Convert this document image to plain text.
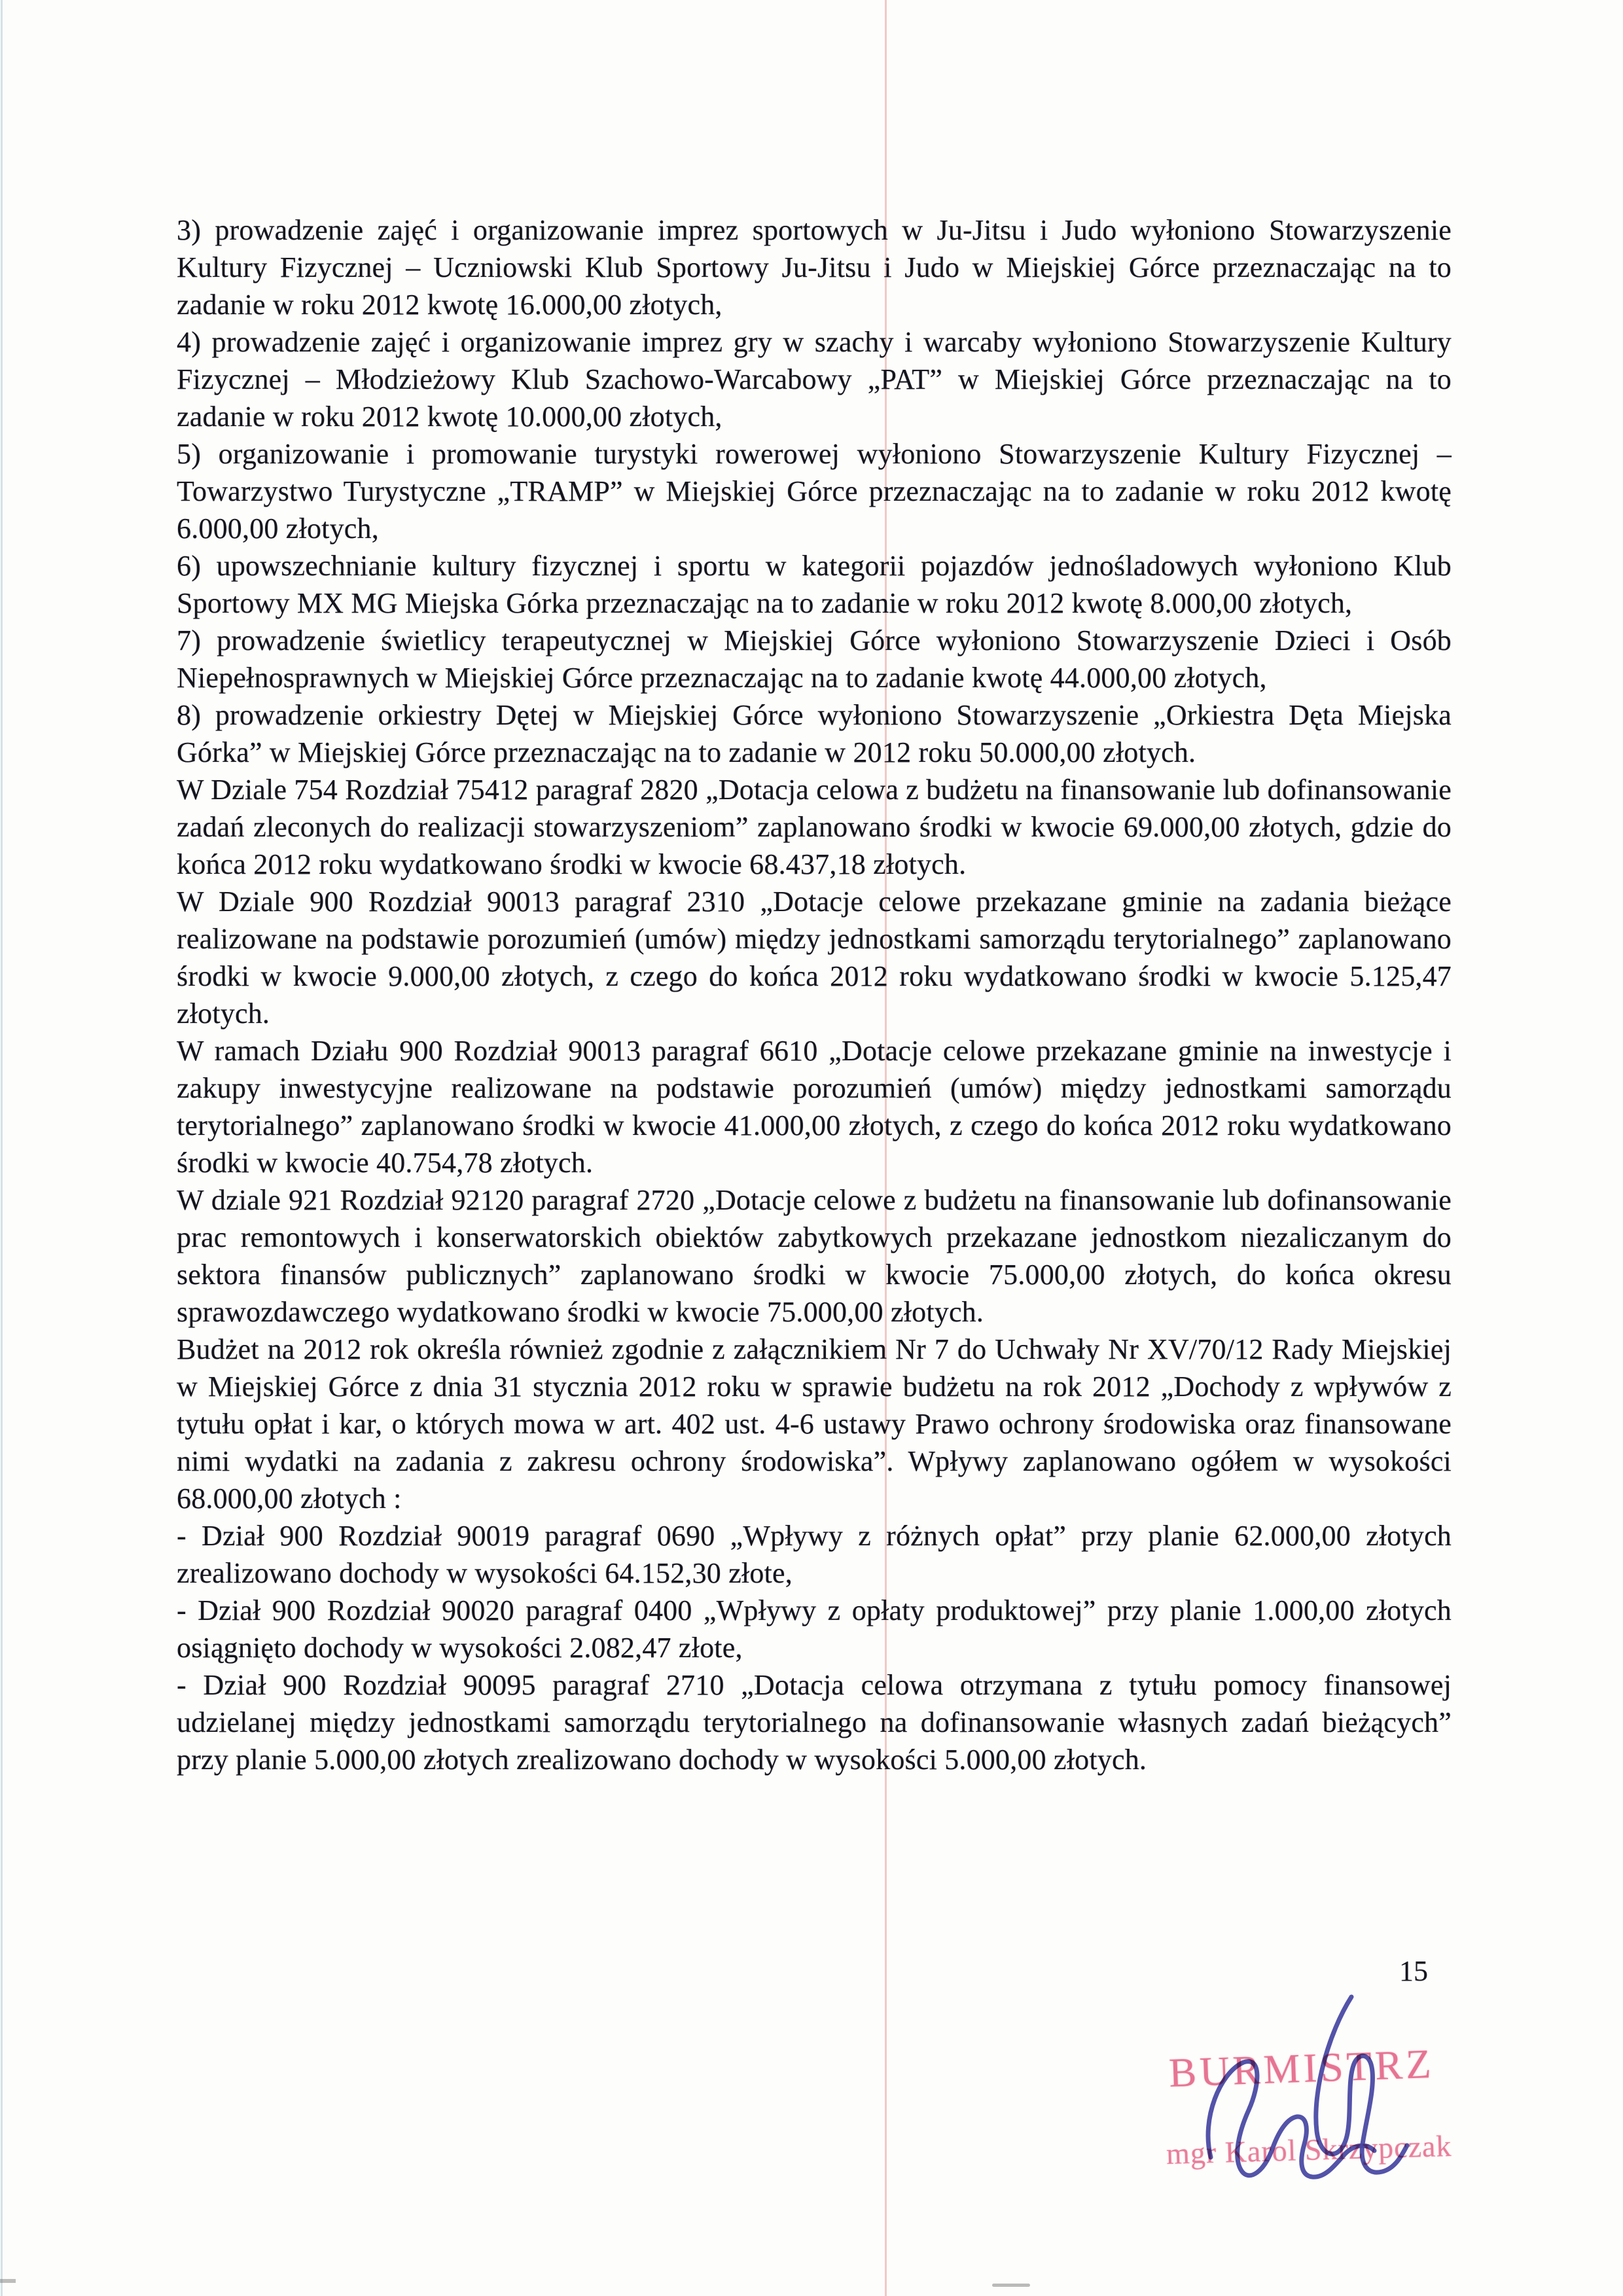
3) prowadzenie zajęć i organizowanie imprez sportowych w Ju-Jitsu i Judo wyłoniono Stowarzyszenie Kultury Fizycznej – Uczniowski Klub Sportowy Ju-Jitsu i Judo w Miejskiej Górce przeznaczając na to zadanie w roku 2012 kwotę 16.000,00 złotych,

4) prowadzenie zajęć i organizowanie imprez gry w szachy i warcaby wyłoniono Stowarzyszenie Kultury Fizycznej – Młodzieżowy Klub Szachowo-Warcabowy „PAT” w Miejskiej Górce przeznaczając na to zadanie w roku 2012 kwotę 10.000,00 złotych,

5) organizowanie i promowanie turystyki rowerowej wyłoniono Stowarzyszenie Kultury Fizycznej – Towarzystwo Turystyczne „TRAMP” w Miejskiej Górce przeznaczając na to zadanie w roku 2012 kwotę 6.000,00 złotych,

6) upowszechnianie kultury fizycznej i sportu w kategorii pojazdów jednośladowych wyłoniono Klub Sportowy MX MG Miejska Górka przeznaczając na to zadanie w roku 2012 kwotę 8.000,00 złotych,

7) prowadzenie świetlicy terapeutycznej w Miejskiej Górce wyłoniono Stowarzyszenie Dzieci i Osób Niepełnosprawnych w Miejskiej Górce przeznaczając na to zadanie kwotę 44.000,00 złotych,

8) prowadzenie orkiestry Dętej w Miejskiej Górce wyłoniono Stowarzyszenie „Orkiestra Dęta Miejska Górka” w Miejskiej Górce przeznaczając na to zadanie w 2012 roku 50.000,00 złotych.

W Dziale 754 Rozdział 75412 paragraf 2820 „Dotacja celowa z budżetu na finansowanie lub dofinansowanie zadań zleconych do realizacji stowarzyszeniom” zaplanowano środki w kwocie 69.000,00 złotych, gdzie do końca 2012 roku wydatkowano środki w kwocie 68.437,18 złotych.

W Dziale 900 Rozdział 90013 paragraf 2310 „Dotacje celowe przekazane gminie na zadania bieżące realizowane na podstawie porozumień (umów) między jednostkami samorządu terytorialnego” zaplanowano środki w kwocie 9.000,00 złotych, z czego do końca 2012 roku wydatkowano środki w kwocie 5.125,47 złotych.

W ramach Działu 900 Rozdział 90013 paragraf 6610 „Dotacje celowe przekazane gminie na inwestycje i zakupy inwestycyjne realizowane na podstawie porozumień (umów) między jednostkami samorządu terytorialnego” zaplanowano środki w kwocie 41.000,00 złotych, z czego do końca 2012 roku wydatkowano środki w kwocie 40.754,78 złotych.

W dziale 921 Rozdział 92120 paragraf 2720 „Dotacje celowe z budżetu na finansowanie lub dofinansowanie prac remontowych i konserwatorskich obiektów zabytkowych przekazane jednostkom niezaliczanym do sektora finansów publicznych” zaplanowano środki w kwocie 75.000,00 złotych, do końca okresu sprawozdawczego wydatkowano środki w kwocie 75.000,00 złotych.

Budżet na 2012 rok określa również zgodnie z załącznikiem Nr 7 do Uchwały Nr XV/70/12 Rady Miejskiej w Miejskiej Górce z dnia 31 stycznia 2012 roku w sprawie budżetu na rok 2012 „Dochody z wpływów z tytułu opłat i kar, o których mowa w art. 402 ust. 4-6 ustawy Prawo ochrony środowiska oraz finansowane nimi wydatki na zadania z zakresu ochrony środowiska”. Wpływy zaplanowano ogółem w wysokości 68.000,00 złotych :

- Dział 900 Rozdział 90019 paragraf 0690 „Wpływy z różnych opłat” przy planie 62.000,00 złotych zrealizowano dochody w wysokości 64.152,30 złote,

- Dział 900 Rozdział 90020 paragraf 0400 „Wpływy z opłaty produktowej” przy planie 1.000,00 złotych osiągnięto dochody w wysokości 2.082,47 złote,

- Dział 900 Rozdział 90095 paragraf 2710 „Dotacja celowa otrzymana z tytułu pomocy finansowej udzielanej między jednostkami samorządu terytorialnego na dofinansowanie własnych zadań bieżących” przy planie 5.000,00 złotych zrealizowano dochody w wysokości 5.000,00 złotych.

15
BURMISTRZ
mgr Karol Skrzypczak
